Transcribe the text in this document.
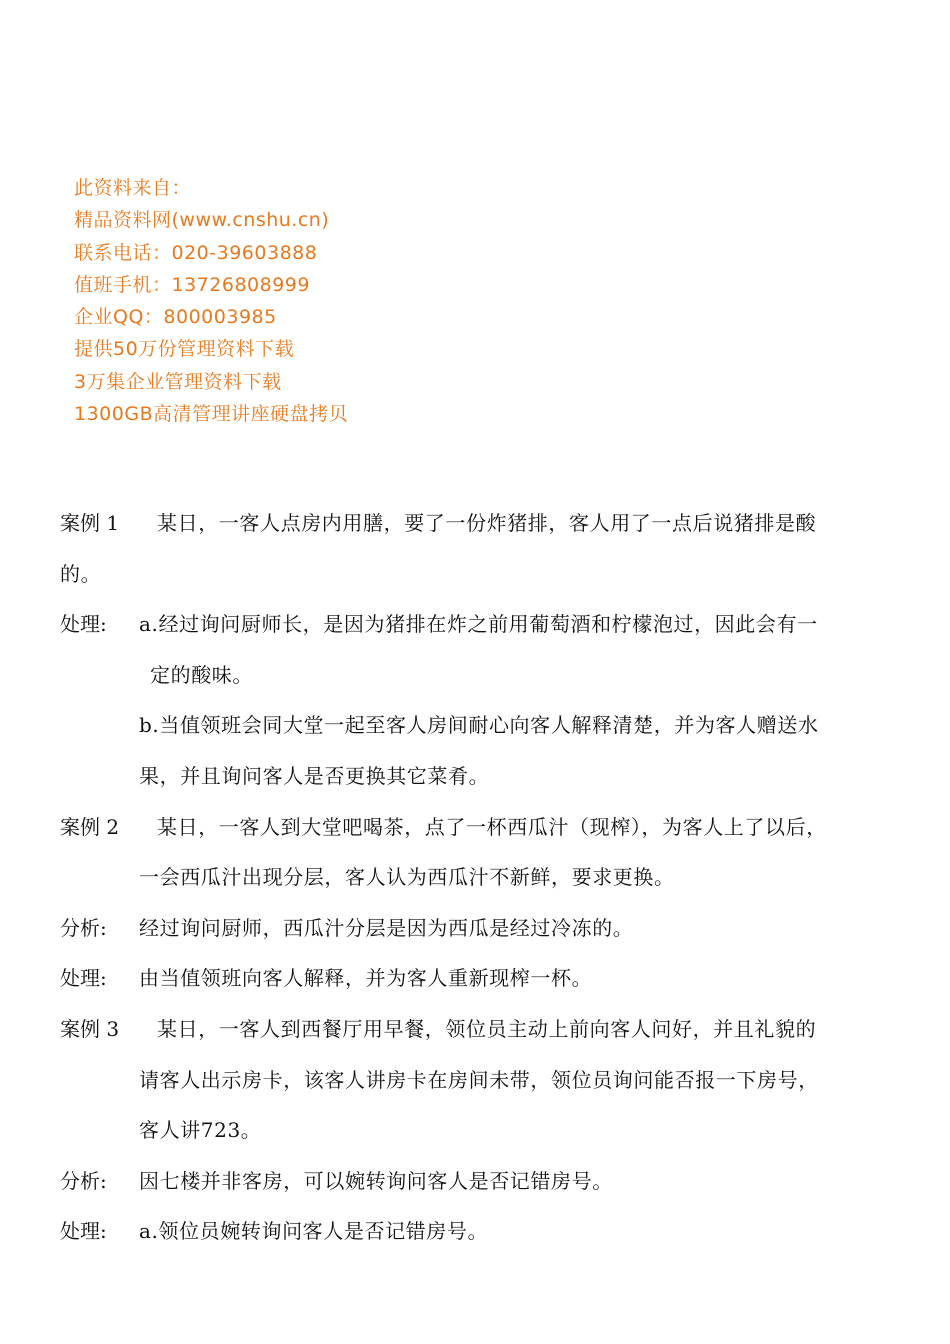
此资料来自：
精品资料网(www.cnshu.cn)
联系电话：020-39603888
值班手机：13726808999
企业QQ：800003985
提供50万份管理资料下载
3万集企业管理资料下载
1300GB高清管理讲座硬盘拷贝
案例 1 某日，一客人点房内用膳，要了一份炸猪排，客人用了一点后说猪排是酸
的。
处理: a.经过询问厨师长，是因为猪排在炸之前用葡萄酒和柠檬泡过，因此会有一
定的酸味。
b.当值领班会同大堂一起至客人房间耐心向客人解释清楚，并为客人赠送水
果，并且询问客人是否更换其它菜肴。
案例 2 某日，一客人到大堂吧喝茶，点了一杯西瓜汁（现榨），为客人上了以后，
一会西瓜汁出现分层，客人认为西瓜汁不新鲜，要求更换。
分析: 经过询问厨师，西瓜汁分层是因为西瓜是经过冷冻的。
处理: 由当值领班向客人解释，并为客人重新现榨一杯。
案例 3 某日，一客人到西餐厅用早餐，领位员主动上前向客人问好，并且礼貌的
请客人出示房卡，该客人讲房卡在房间未带，领位员询问能否报一下房号，
客人讲723。
分析: 因七楼并非客房，可以婉转询问客人是否记错房号。
处理: a.领位员婉转询问客人是否记错房号。
